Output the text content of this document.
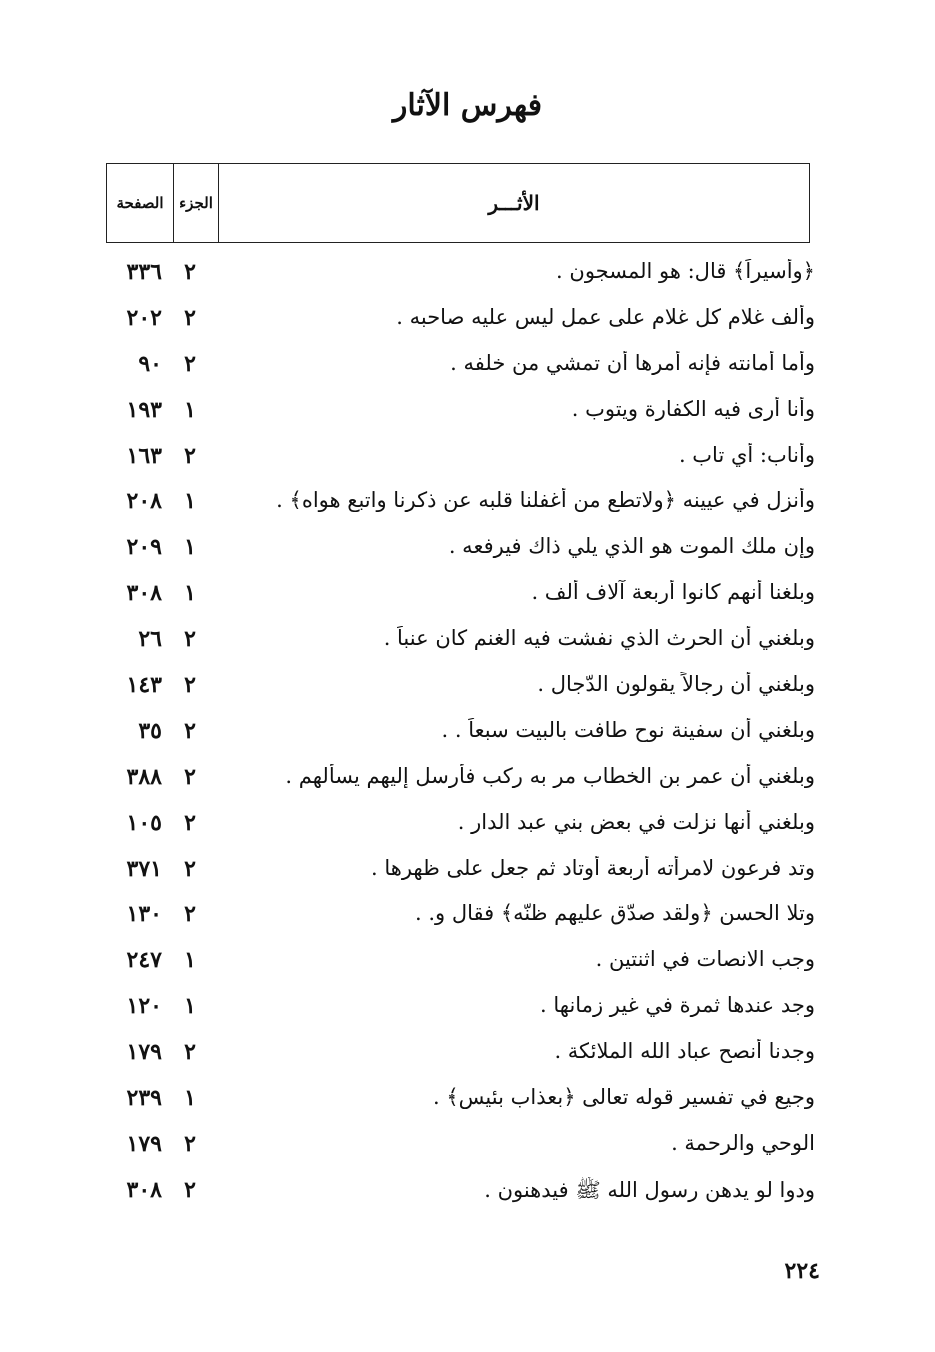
فهرس الآثار
الأثـــر
الجزء
الصفحة
﴿وأسيراً﴾ قال: هو المسجون .
٢
٣٣٦
وألف غلام كل غلام على عمل ليس عليه صاحبه .
٢
٢٠٢
وأما أمانته فإنه أمرها أن تمشي من خلفه .
٢
٩٠
وأنا أرى فيه الكفارة ويتوب .
١
١٩٣
وأناب: أي تاب .
٢
١٦٣
وأنزل في عيينه ﴿ولاتطع من أغفلنا قلبه عن ذكرنا واتبع هواه﴾ .
١
٢٠٨
وإن ملك الموت هو الذي يلي ذاك فيرفعه .
١
٢٠٩
وبلغنا أنهم كانوا أربعة آلاف ألف .
١
٣٠٨
وبلغني أن الحرث الذي نفشت فيه الغنم كان عنباً .
٢
٢٦
وبلغني أن رجالاً يقولون الدّجال .
٢
١٤٣
وبلغني أن سفينة نوح طافت بالبيت سبعاً . .
٢
٣٥
وبلغني أن عمر بن الخطاب مر به ركب فأرسل إليهم يسألهم .
٢
٣٨٨
وبلغني أنها نزلت في بعض بني عبد الدار .
٢
١٠٥
وتد فرعون لامرأته أربعة أوتاد ثم جعل على ظهرها .
٢
٣٧١
وتلا الحسن ﴿ولقد صدّق عليهم ظنّه﴾ فقال و. .
٢
١٣٠
وجب الانصات في اثنتين .
١
٢٤٧
وجد عندها ثمرة في غير زمانها .
١
١٢٠
وجدنا أنصح عباد الله الملائكة .
٢
١٧٩
وجيع في تفسير قوله تعالى ﴿بعذاب بئيس﴾ .
١
٢٣٩
الوحي والرحمة .
٢
١٧٩
ودوا لو يدهن رسول الله ﷺ فيدهنون .
٢
٣٠٨
٢٢٤
